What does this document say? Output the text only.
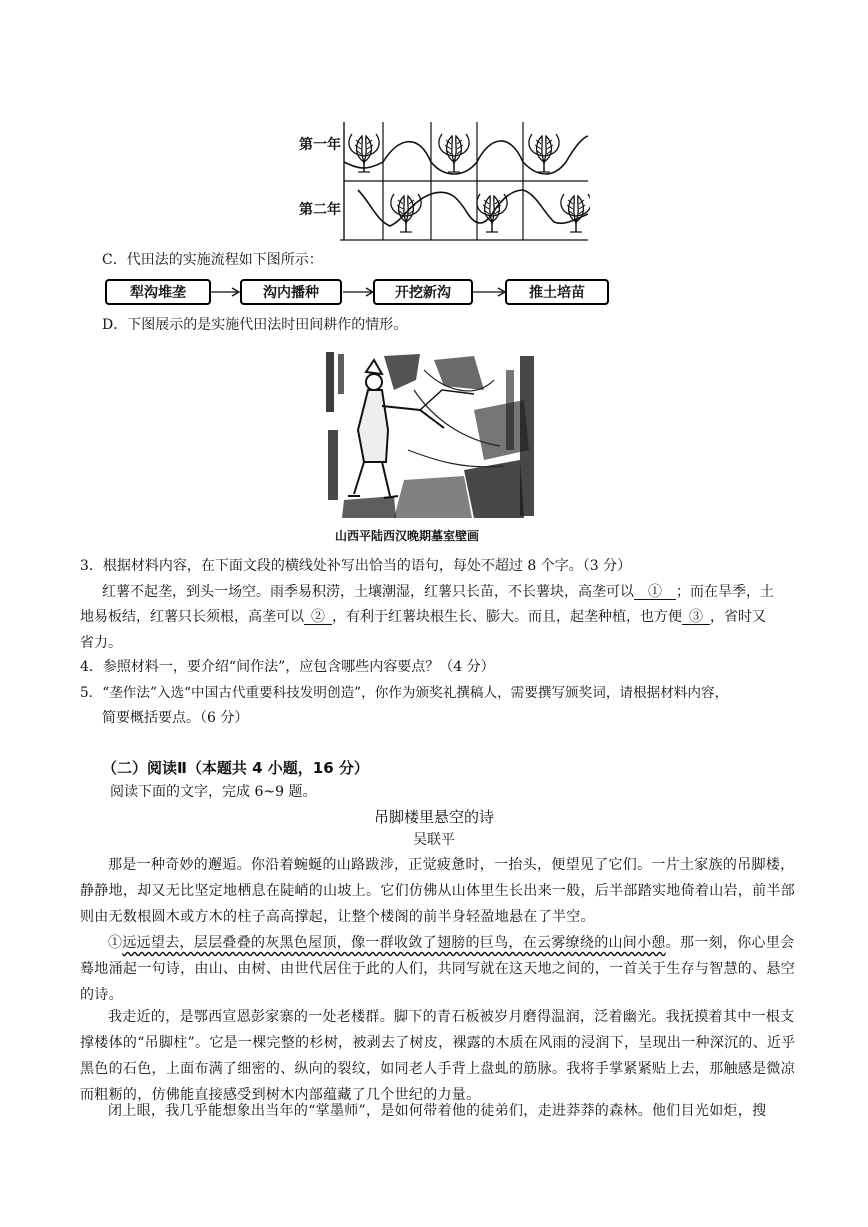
第一年
第二年
C．代田法的实施流程如下图所示：
犁沟堆垄	沟内播种	开挖新沟	推土培苗
D．下图展示的是实施代田法时田间耕作的情形。
山西平陆西汉晚期墓室壁画
3．根据材料内容，在下面文段的横线处补写出恰当的语句，每处不超过 8 个字。（3 分）
红薯不起垄，到头一场空。雨季易积涝，土壤潮湿，红薯只长苗，不长薯块，高垄可以  ①  ；而在旱季，土
地易板结，红薯只长须根，高垄可以  ②  ，有利于红薯块根生长、膨大。而且，起垄种植，也方便  ③  ，省时又
省力。
4．参照材料一，要介绍“间作法”，应包含哪些内容要点？（4 分）
5．“垄作法”入选“中国古代重要科技发明创造”，你作为颁奖礼撰稿人，需要撰写颁奖词，请根据材料内容，
简要概括要点。（6 分）
（二）阅读Ⅱ（本题共 4 小题，16 分）
阅读下面的文字，完成 6~9 题。
吊脚楼里悬空的诗
吴联平
那是一种奇妙的邂逅。你沿着蜿蜒的山路跋涉，正觉疲惫时，一抬头，便望见了它们。一片土家族的吊脚楼，静静地，却又无比坚定地栖息在陡峭的山坡上。它们仿佛从山体里生长出来一般，后半部踏实地倚着山岩，前半部则由无数根圆木或方木的柱子高高撑起，让整个楼阁的前半身轻盈地悬在了半空。
①远远望去，层层叠叠的灰黑色屋顶，像一群收敛了翅膀的巨鸟，在云雾缭绕的山间小憩。那一刻，你心里会蓦地涌起一句诗，由山、由树、由世代居住于此的人们，共同写就在这天地之间的，一首关于生存与智慧的、悬空的诗。
我走近的，是鄂西宣恩彭家寨的一处老楼群。脚下的青石板被岁月磨得温润，泛着幽光。我抚摸着其中一根支撑楼体的“吊脚柱”。它是一棵完整的杉树，被剥去了树皮，裸露的木质在风雨的浸润下，呈现出一种深沉的、近乎黑色的石色，上面布满了细密的、纵向的裂纹，如同老人手背上盘虬的筋脉。我将手掌紧紧贴上去，那触感是微凉而粗粝的，仿佛能直接感受到树木内部蕴藏了几个世纪的力量。
闭上眼，我几乎能想象出当年的“掌墨师”，是如何带着他的徒弟们，走进莽莽的森林。他们目光如炬，搜
